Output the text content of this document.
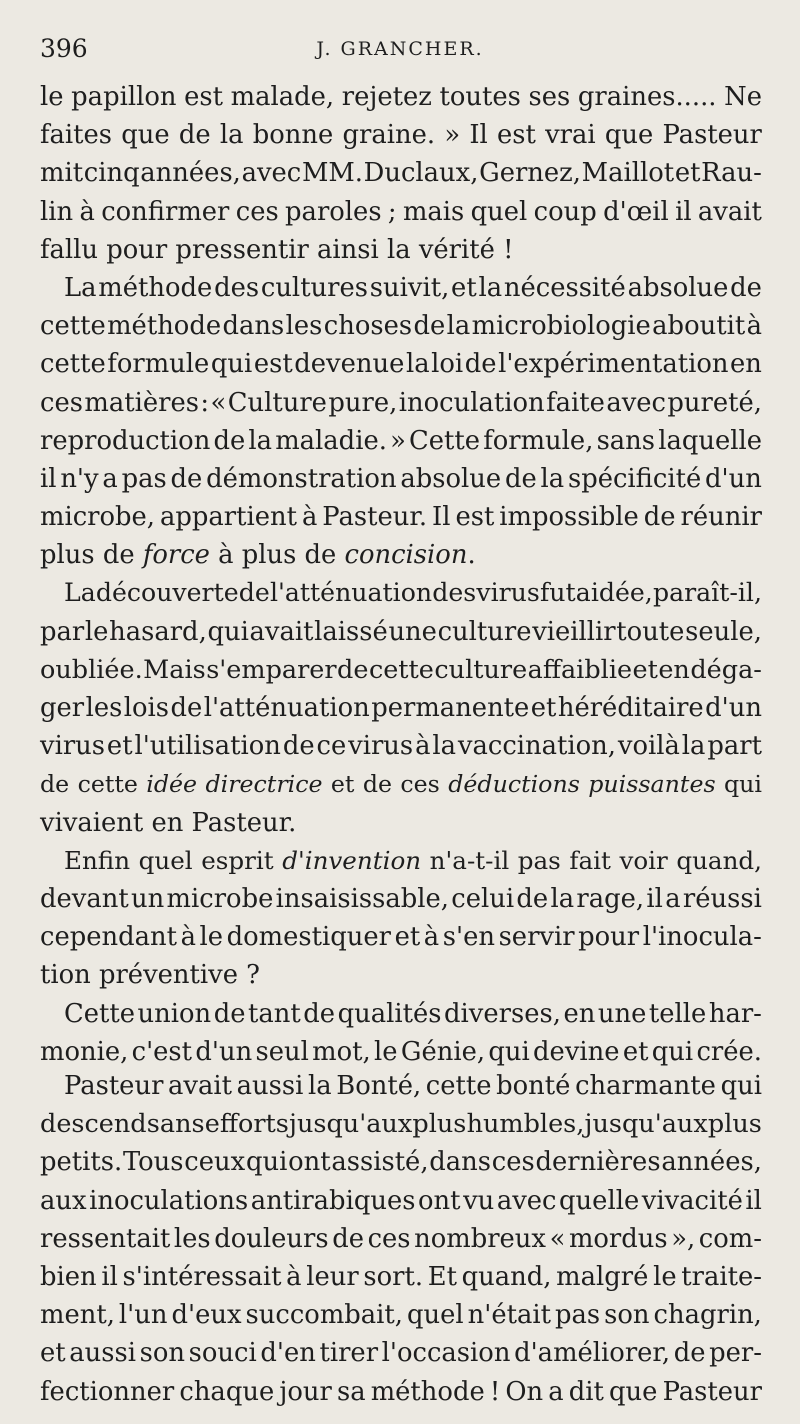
396	J. GRANCHER.
le papillon est malade, rejetez toutes ses graines..... Ne
faites que de la bonne graine. » Il est vrai que Pasteur
mit cinq années, avec MM. Duclaux, Gernez, Maillot et Rau-
lin à confirmer ces paroles ; mais quel coup d'œil il avait
fallu pour pressentir ainsi la vérité !
La méthode des cultures suivit, et la nécessité absolue de
cette méthode dans les choses de la microbiologie aboutit à
cette formule qui est devenue la loi de l'expérimentation en
ces matières : « Culture pure, inoculation faite avec pureté,
reproduction de la maladie. » Cette formule, sans laquelle
il n'y a pas de démonstration absolue de la spécificité d'un
microbe, appartient à Pasteur. Il est impossible de réunir
plus de force à plus de concision.
La découverte de l'atténuation des virus fut aidée, paraît-il,
par le hasard, qui avait laissé une culture vieillir toute seule,
oubliée. Mais s'emparer de cette culture affaiblie et en déga-
ger les lois de l'atténuation permanente et héréditaire d'un
virus et l'utilisation de ce virus à la vaccination, voilà la part
de cette idée directrice et de ces déductions puissantes qui
vivaient en Pasteur.
Enfin quel esprit d'invention n'a-t-il pas fait voir quand,
devant un microbe insaisissable, celui de la rage, il a réussi
cependant à le domestiquer et à s'en servir pour l'inocula-
tion préventive ?
Cette union de tant de qualités diverses, en une telle har-
monie, c'est d'un seul mot, le Génie, qui devine et qui crée.
Pasteur avait aussi la Bonté, cette bonté charmante qui
descend sans efforts jusqu'aux plus humbles, jusqu'aux plus
petits. Tous ceux qui ont assisté, dans ces dernières années,
aux inoculations antirabiques ont vu avec quelle vivacité il
ressentait les douleurs de ces nombreux « mordus », com-
bien il s'intéressait à leur sort. Et quand, malgré le traite-
ment, l'un d'eux succombait, quel n'était pas son chagrin,
et aussi son souci d'en tirer l'occasion d'améliorer, de per-
fectionner chaque jour sa méthode ! On a dit que Pasteur
